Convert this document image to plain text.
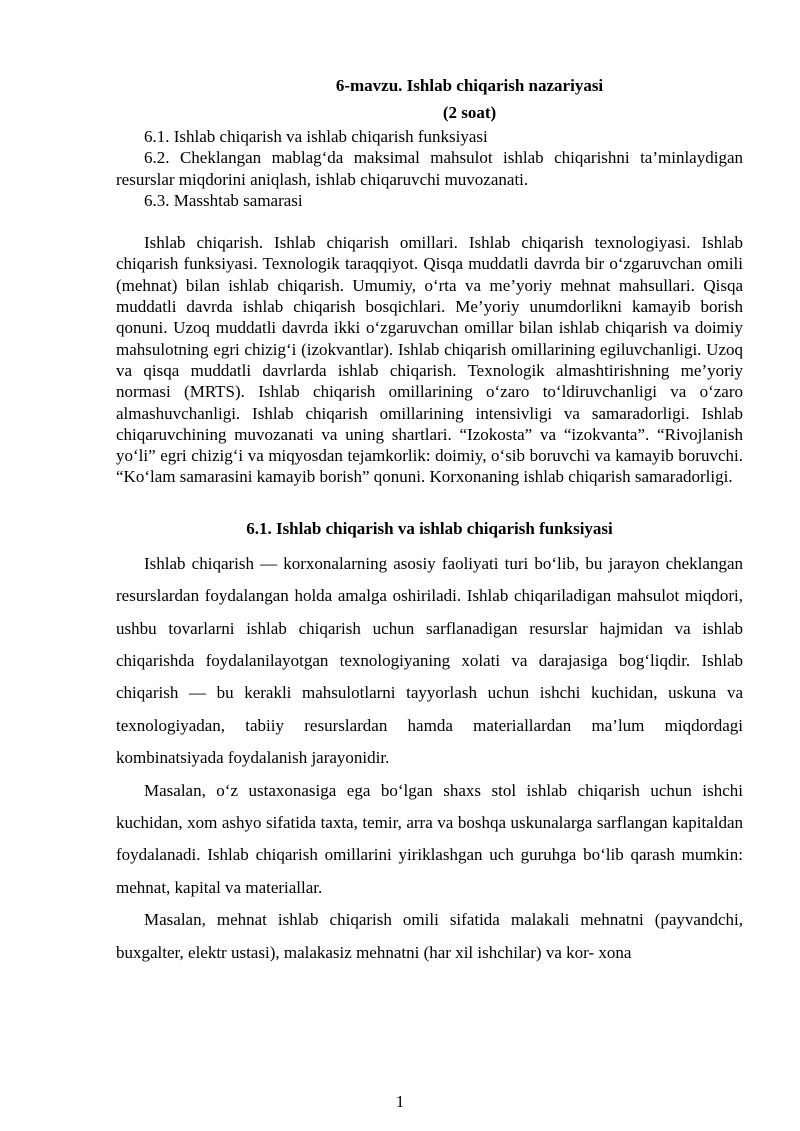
6-mavzu. Ishlab chiqarish nazariyasi

(2 soat)

6.1. Ishlab chiqarish va ishlab chiqarish funksiyasi

6.2. Cheklangan mablag‘da maksimal mahsulot ishlab chiqarishni ta’minlaydigan resurslar miqdorini aniqlash, ishlab chiqaruvchi muvozanati.

6.3. Masshtab samarasi

Ishlab chiqarish. Ishlab chiqarish omillari. Ishlab chiqarish texnologiyasi. Ishlab chiqarish funksiyasi. Texnologik taraqqiyot. Qisqa muddatli davrda bir o‘zgaruvchan omili (mehnat) bilan ishlab chiqarish. Umumiy, o‘rta va me’yoriy mehnat mahsullari. Qisqa muddatli davrda ishlab chiqarish bosqichlari. Me’yoriy unumdorlikni kamayib borish qonuni. Uzoq muddatli davrda ikki o‘zgaruvchan omillar bilan ishlab chiqarish va doimiy mahsulotning egri chizig‘i (izokvantlar). Ishlab chiqarish omillarining egiluvchanligi. Uzoq va qisqa muddatli davrlarda ishlab chiqarish. Texnologik almashtirishning me’yoriy normasi (MRTS). Ishlab chiqarish omillarining o‘zaro to‘ldiruvchanligi va o‘zaro almashuvchanligi. Ishlab chiqarish omillarining intensivligi va samaradorligi. Ishlab chiqaruvchining muvozanati va uning shartlari. “Izokosta” va “izokvanta”. “Rivojlanish yo‘li” egri chizig‘i va miqyosdan tejamkorlik: doimiy, o‘sib boruvchi va kamayib boruvchi. “Ko‘lam samarasini kamayib borish” qonuni. Korxonaning ishlab chiqarish samaradorligi.

6.1. Ishlab chiqarish va ishlab chiqarish funksiyasi

Ishlab chiqarish — korxonalarning asosiy faoliyati turi bo‘lib, bu jarayon cheklangan resurslardan foydalangan holda amalga oshiriladi. Ishlab chiqariladigan mahsulot miqdori, ushbu tovarlarni ishlab chiqarish uchun sarflanadigan resurslar hajmidan va ishlab chiqarishda foydalanilayotgan texnologiyaning xolati va darajasiga bog‘liqdir. Ishlab chiqarish — bu kerakli mahsulotlarni tayyorlash uchun ishchi kuchidan, uskuna va texnologiyadan, tabiiy resurslardan hamda materiallardan ma’lum miqdordagi kombinatsiyada foydalanish jarayonidir.

Masalan, o‘z ustaxonasiga ega bo‘lgan shaxs stol ishlab chiqarish uchun ishchi kuchidan, xom ashyo sifatida taxta, temir, arra va boshqa uskunalarga sarflangan kapitaldan foydalanadi. Ishlab chiqarish omillarini yiriklashgan uch guruhga bo‘lib qarash mumkin: mehnat, kapital va materiallar.

Masalan, mehnat ishlab chiqarish omili sifatida malakali mehnatni (payvandchi, buxgalter, elektr ustasi), malakasiz mehnatni (har xil ishchilar) va kor- xona

1
